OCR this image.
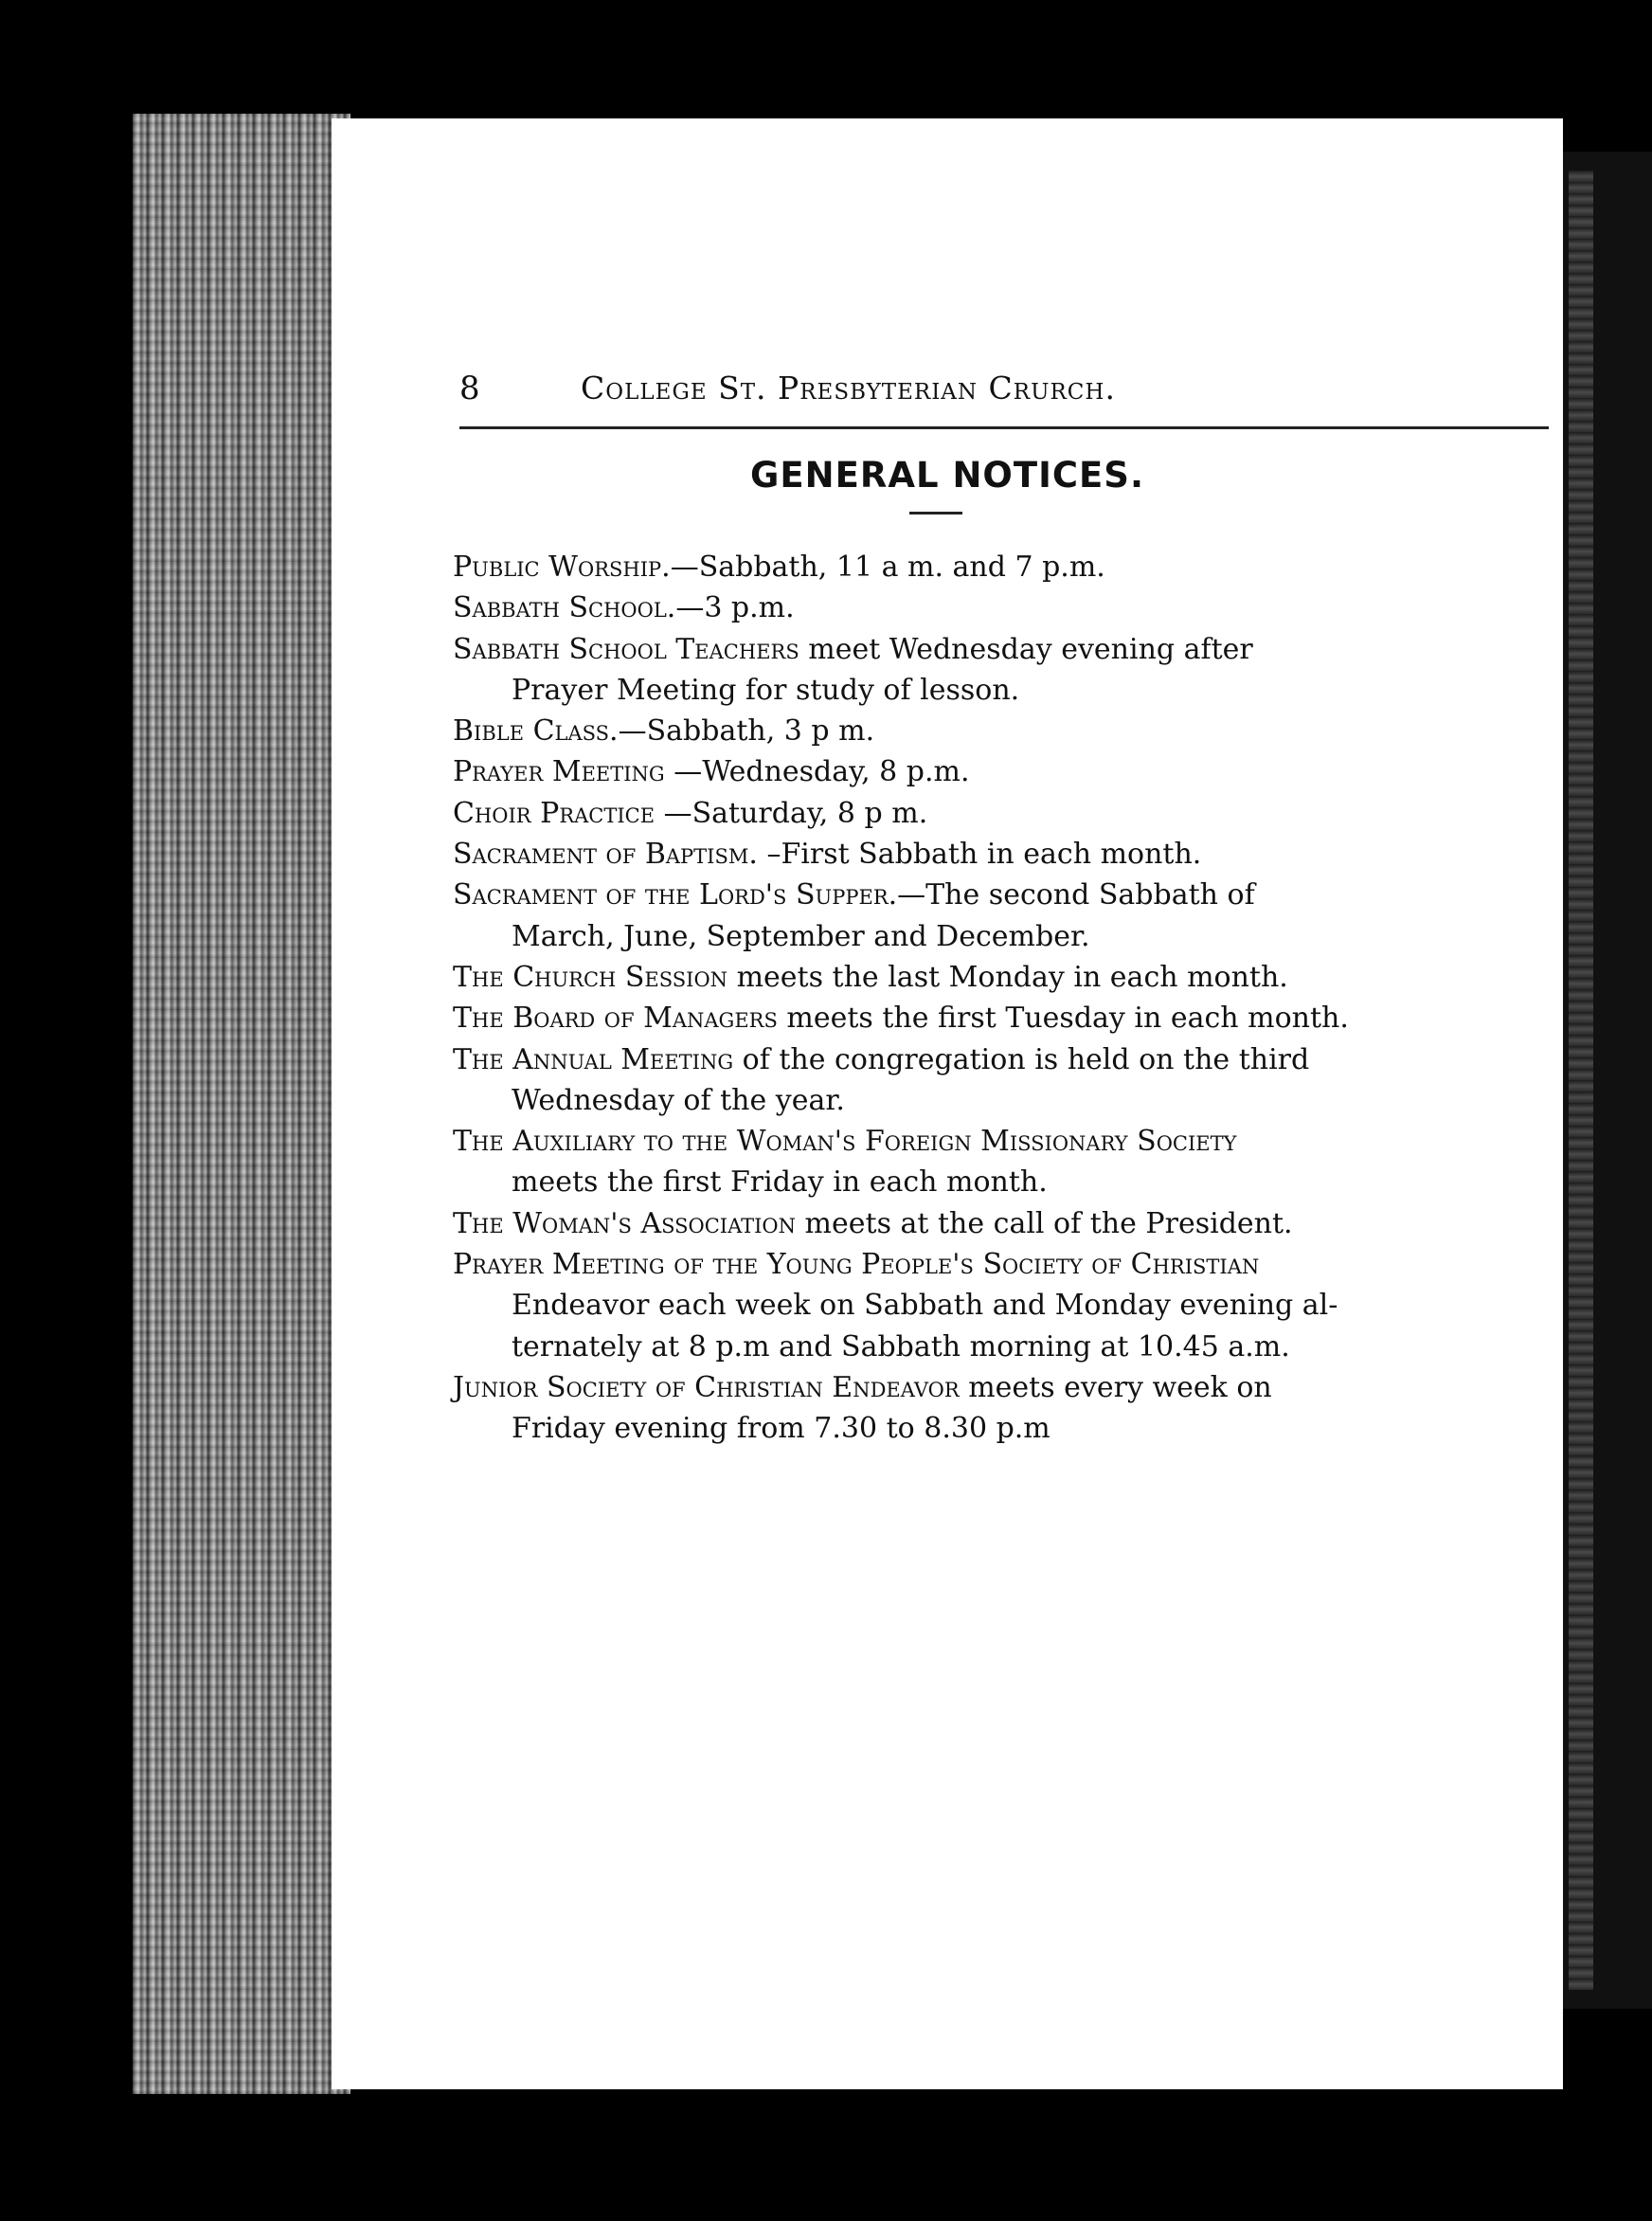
8	College St. Presbyterian Crurch.
GENERAL NOTICES.

Public Worship.—Sabbath, 11 a m. and 7 p.m.

Sabbath School.—3 p.m.

Sabbath School Teachers meet Wednesday evening after
Prayer Meeting for study of lesson.

Bible Class.—Sabbath, 3 p m.

Prayer Meeting —Wednesday, 8 p.m.

Choir Practice —Saturday, 8 p m.

Sacrament of Baptism. –First Sabbath in each month.

Sacrament of the Lord's Supper.—The second Sabbath of
March, June, September and December.

The Church Session meets the last Monday in each month.

The Board of Managers meets the first Tuesday in each month.

The Annual Meeting of the congregation is held on the third
Wednesday of the year.

The Auxiliary to the Woman's Foreign Missionary Society
meets the first Friday in each month.

The Woman's Association meets at the call of the President.

Prayer Meeting of the Young People's Society of Christian
Endeavor each week on Sabbath and Monday evening al-
ternately at 8 p.m and Sabbath morning at 10.45 a.m.

Junior Society of Christian Endeavor meets every week on
Friday evening from 7.30 to 8.30 p.m
